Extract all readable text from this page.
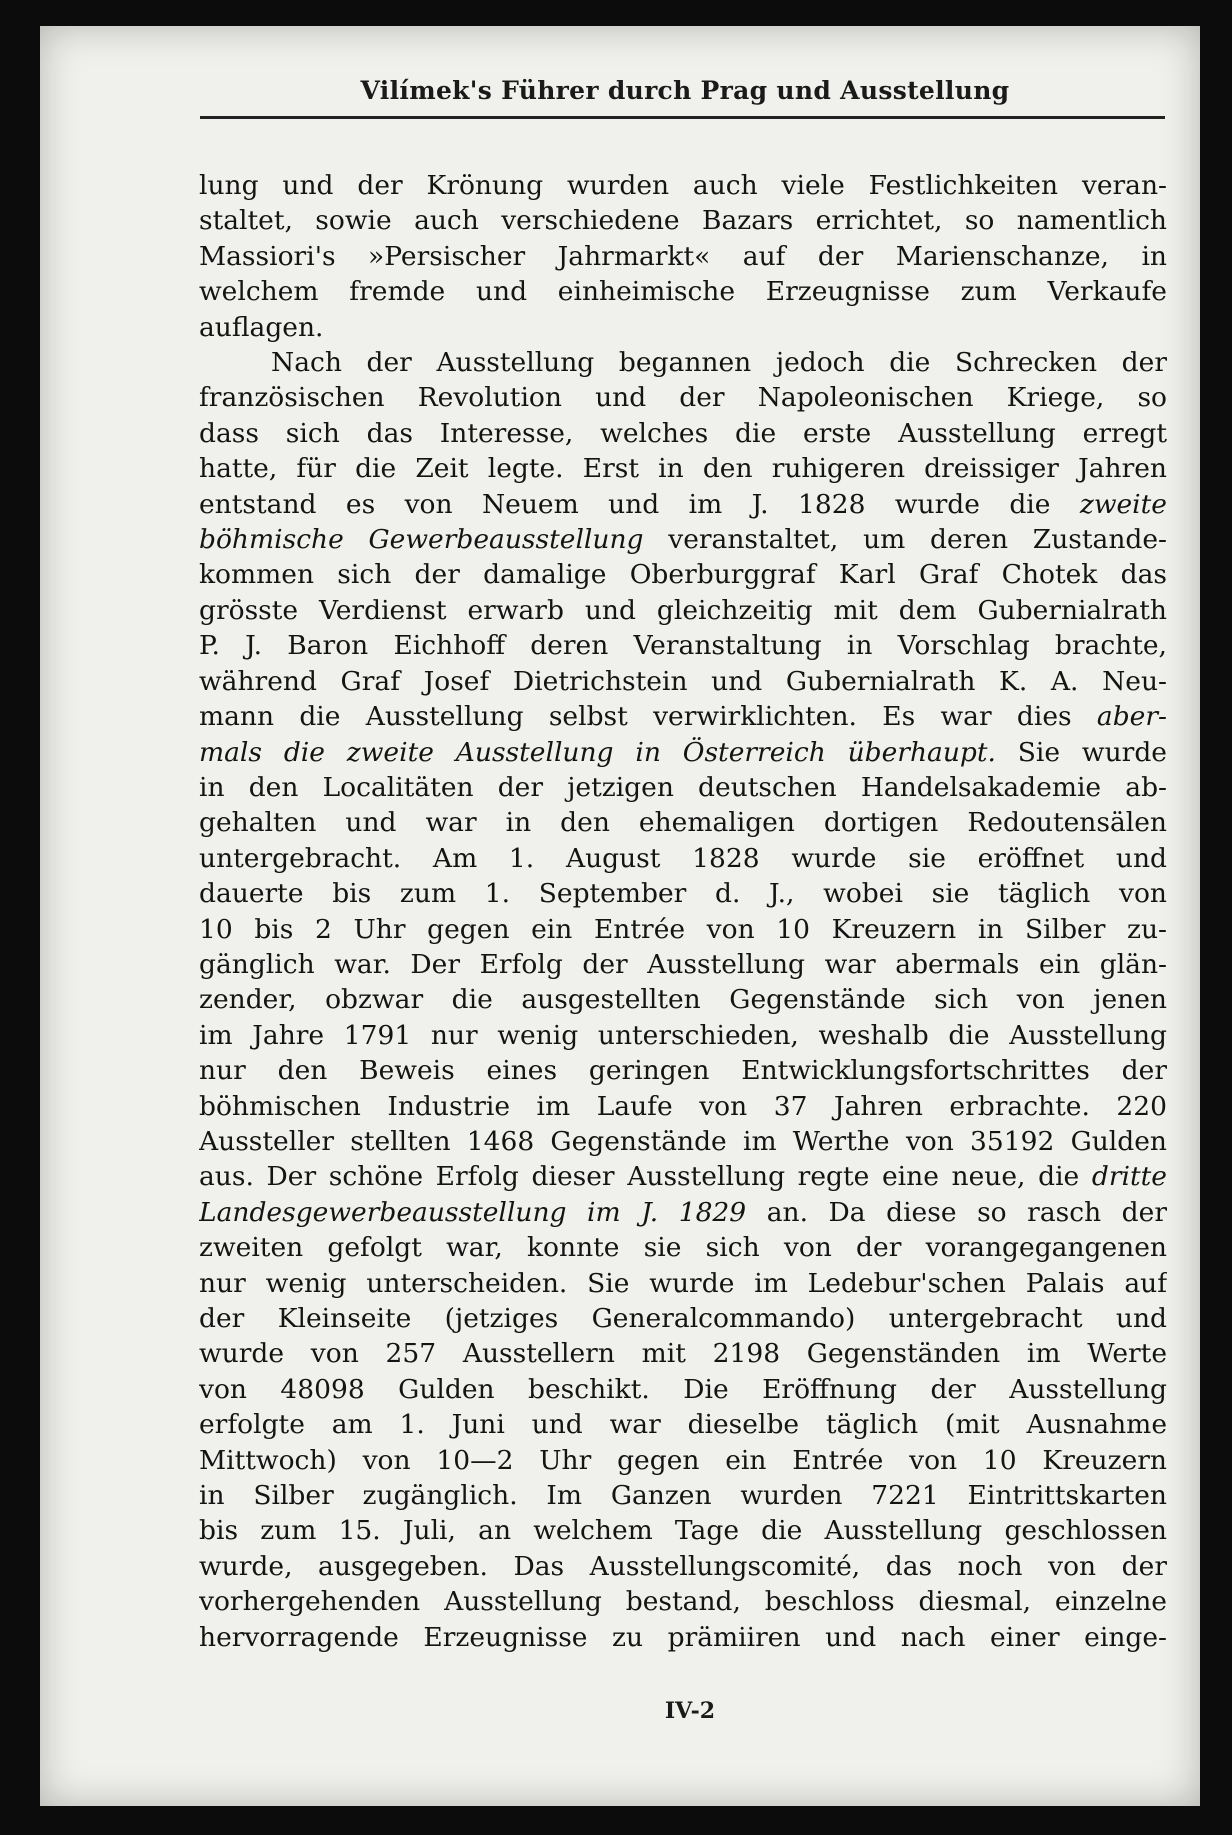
Vilímek's Führer durch Prag und Ausstellung
lung und der Krönung wurden auch viele Festlichkeiten veran-
staltet, sowie auch verschiedene Bazars errichtet, so namentlich
Massiori's »Persischer Jahrmarkt« auf der Marienschanze, in
welchem fremde und einheimische Erzeugnisse zum Verkaufe
auflagen.
Nach der Ausstellung begannen jedoch die Schrecken der
französischen Revolution und der Napoleonischen Kriege, so
dass sich das Interesse, welches die erste Ausstellung erregt
hatte, für die Zeit legte. Erst in den ruhigeren dreissiger Jahren
entstand es von Neuem und im J. 1828 wurde die zweite
böhmische Gewerbeausstellung veranstaltet, um deren Zustande-
kommen sich der damalige Oberburggraf Karl Graf Chotek das
grösste Verdienst erwarb und gleichzeitig mit dem Gubernialrath
P. J. Baron Eichhoff deren Veranstaltung in Vorschlag brachte,
während Graf Josef Dietrichstein und Gubernialrath K. A. Neu-
mann die Ausstellung selbst verwirklichten. Es war dies aber-
mals die zweite Ausstellung in Österreich überhaupt. Sie wurde
in den Localitäten der jetzigen deutschen Handelsakademie ab-
gehalten und war in den ehemaligen dortigen Redoutensälen
untergebracht. Am 1. August 1828 wurde sie eröffnet und
dauerte bis zum 1. September d. J., wobei sie täglich von
10 bis 2 Uhr gegen ein Entrée von 10 Kreuzern in Silber zu-
gänglich war. Der Erfolg der Ausstellung war abermals ein glän-
zender, obzwar die ausgestellten Gegenstände sich von jenen
im Jahre 1791 nur wenig unterschieden, weshalb die Ausstellung
nur den Beweis eines geringen Entwicklungsfortschrittes der
böhmischen Industrie im Laufe von 37 Jahren erbrachte. 220
Aussteller stellten 1468 Gegenstände im Werthe von 35192 Gulden
aus. Der schöne Erfolg dieser Ausstellung regte eine neue, die dritte
Landesgewerbeausstellung im J. 1829 an. Da diese so rasch der
zweiten gefolgt war, konnte sie sich von der vorangegangenen
nur wenig unterscheiden. Sie wurde im Ledebur'schen Palais auf
der Kleinseite (jetziges Generalcommando) untergebracht und
wurde von 257 Ausstellern mit 2198 Gegenständen im Werte
von 48098 Gulden beschikt. Die Eröffnung der Ausstellung
erfolgte am 1. Juni und war dieselbe täglich (mit Ausnahme
Mittwoch) von 10—2 Uhr gegen ein Entrée von 10 Kreuzern
in Silber zugänglich. Im Ganzen wurden 7221 Eintrittskarten
bis zum 15. Juli, an welchem Tage die Ausstellung geschlossen
wurde, ausgegeben. Das Ausstellungscomité, das noch von der
vorhergehenden Ausstellung bestand, beschloss diesmal, einzelne
hervorragende Erzeugnisse zu prämiiren und nach einer einge-
IV-2
